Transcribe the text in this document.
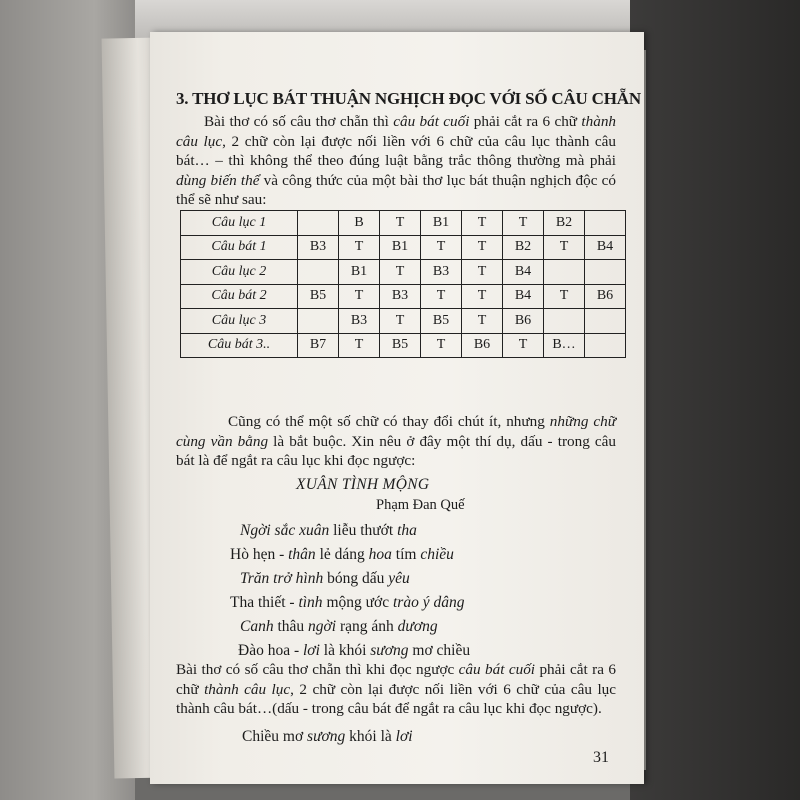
3. THƠ LỤC BÁT THUẬN NGHỊCH ĐỌC VỚI SỐ CÂU CHẴN
Bài thơ có số câu thơ chẵn thì câu bát cuối phải cắt ra 6 chữ thành câu lục, 2 chữ còn lại được nối liền với 6 chữ của câu lục thành câu bát… – thì không thể theo đúng luật bằng trắc thông thường mà phải dùng biến thể và công thức của một bài thơ lục bát thuận nghịch độc có thể sẽ như sau:
Câu lục 1		B	T	B1	T	T	B2	
Câu bát 1	B3	T	B1	T	T	B2	T	B4
Câu lục 2		B1	T	B3	T	B4		
Câu bát 2	B5	T	B3	T	T	B4	T	B6
Câu lục 3		B3	T	B5	T	B6		
Câu bát 3..	B7	T	B5	T	B6	T	B…	
Cũng có thể một số chữ có thay đổi chút ít, nhưng những chữ cùng vần bằng là bắt buộc. Xin nêu ở đây một thí dụ, dấu - trong câu bát là để ngắt ra câu lục khi đọc ngược:
XUÂN TÌNH MỘNG
Phạm Đan Quế
Ngời sắc xuân liễu thướt tha
Hò hẹn - thân lẻ dáng hoa tím chiều
Trăn trở hình bóng dấu yêu
Tha thiết - tình mộng ước trào ý dâng
Canh thâu ngời rạng ánh dương
Đào hoa - lơi là khói sương mơ chiều
Bài thơ có số câu thơ chẵn thì khi đọc ngược câu bát cuối phải cắt ra 6 chữ thành câu lục, 2 chữ còn lại được nối liền với 6 chữ của câu lục thành câu bát…(dấu - trong câu bát để ngắt ra câu lục khi đọc ngược).
Chiều mơ sương khói là lơi
31
